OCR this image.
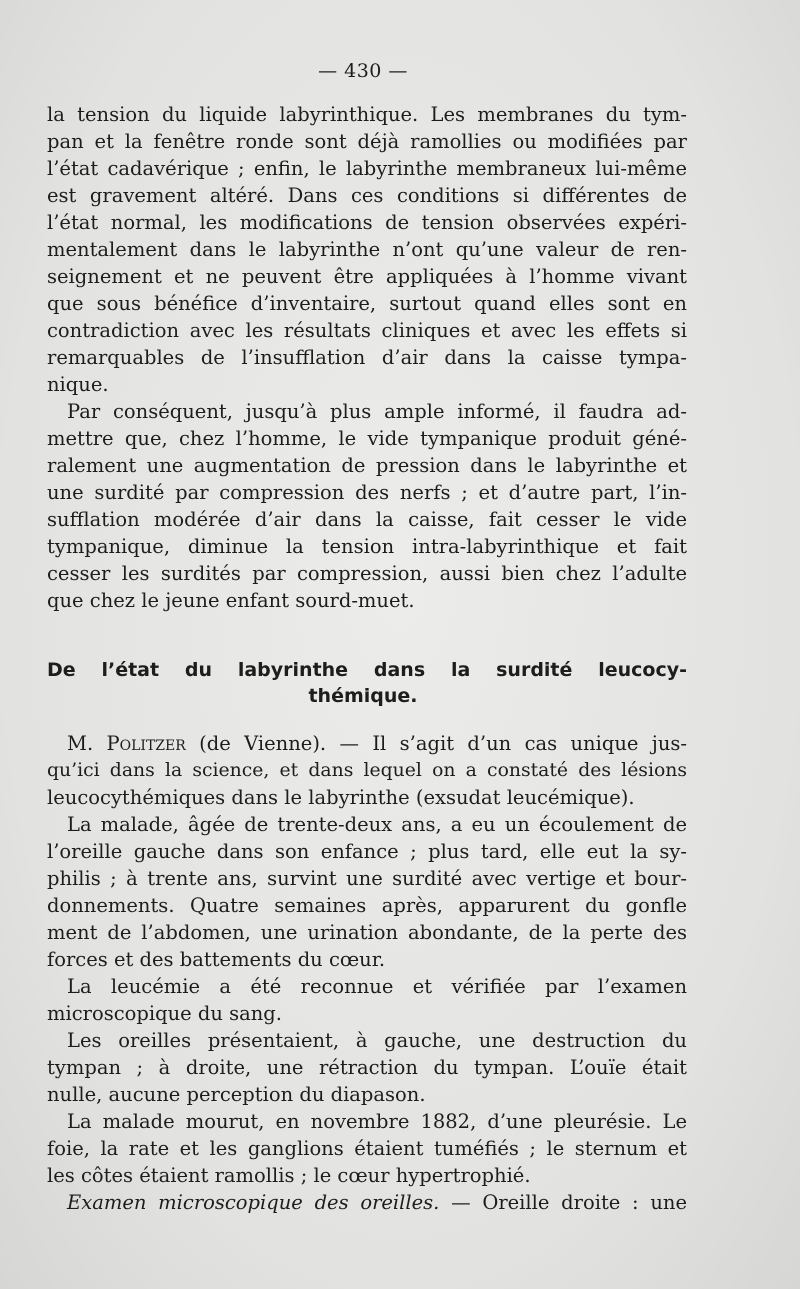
— 430 —
la tension du liquide labyrinthique. Les membranes du tym-
pan et la fenêtre ronde sont déjà ramollies ou modifiées par
l’état cadavérique ; enfin, le labyrinthe membraneux lui-même
est gravement altéré. Dans ces conditions si différentes de
l’état normal, les modifications de tension observées expéri-
mentalement dans le labyrinthe n’ont qu’une valeur de ren-
seignement et ne peuvent être appliquées à l’homme vivant
que sous bénéfice d’inventaire, surtout quand elles sont en
contradiction avec les résultats cliniques et avec les effets si
remarquables de l’insufflation d’air dans la caisse tympa-
nique.
Par conséquent, jusqu’à plus ample informé, il faudra ad-
mettre que, chez l’homme, le vide tympanique produit géné-
ralement une augmentation de pression dans le labyrinthe et
une surdité par compression des nerfs ; et d’autre part, l’in-
sufflation modérée d’air dans la caisse, fait cesser le vide
tympanique, diminue la tension intra-labyrinthique et fait
cesser les surdités par compression, aussi bien chez l’adulte
que chez le jeune enfant sourd-muet.
De l’état du labyrinthe dans la surdité leucocy-
thémique.
M. Politzer (de Vienne). — Il s’agit d’un cas unique jus-
qu’ici dans la science, et dans lequel on a constaté des lésions
leucocythémiques dans le labyrinthe (exsudat leucémique).
La malade, âgée de trente-deux ans, a eu un écoulement de
l’oreille gauche dans son enfance ; plus tard, elle eut la sy-
philis ; à trente ans, survint une surdité avec vertige et bour-
donnements. Quatre semaines après, apparurent du gonfle
ment de l’abdomen, une urination abondante, de la perte des
forces et des battements du cœur.
La leucémie a été reconnue et vérifiée par l’examen
microscopique du sang.
Les oreilles présentaient, à gauche, une destruction du
tympan ; à droite, une rétraction du tympan. L’ouïe était
nulle, aucune perception du diapason.
La malade mourut, en novembre 1882, d’une pleurésie. Le
foie, la rate et les ganglions étaient tuméfiés ; le sternum et
les côtes étaient ramollis ; le cœur hypertrophié.
Examen microscopique des oreilles. — Oreille droite : une
